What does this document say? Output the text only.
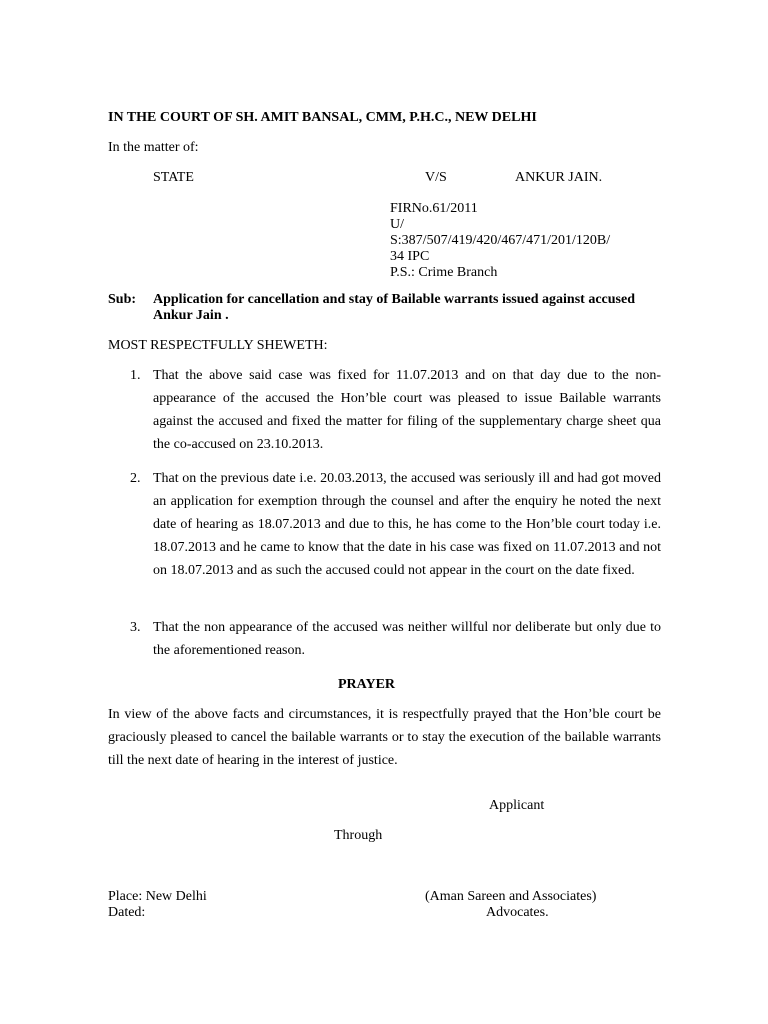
IN THE COURT OF SH. AMIT BANSAL, CMM, P.H.C., NEW DELHI
In the matter of:
STATE	V/S	ANKUR JAIN.
FIRNo.61/2011
U/
S:387/507/419/420/467/471/201/120B/
34 IPC
P.S.: Crime Branch
Sub: Application for cancellation and stay of Bailable warrants issued against accused Ankur Jain .
MOST RESPECTFULLY SHEWETH:
1. That the above said case was fixed for 11.07.2013 and on that day due to the non-appearance of the accused the Hon’ble court was pleased to issue Bailable warrants against the accused and fixed the matter for filing of the supplementary charge sheet qua the co-accused on 23.10.2013.
2. That on the previous date i.e. 20.03.2013, the accused was seriously ill and had got moved an application for exemption through the counsel and after the enquiry he noted the next date of hearing as 18.07.2013 and due to this, he has come to the Hon’ble court today i.e. 18.07.2013 and he came to know that the date in his case was fixed on 11.07.2013 and not on 18.07.2013 and as such the accused could not appear in the court on the date fixed.
3. That the non appearance of the accused was neither willful nor deliberate but only due to the aforementioned reason.
PRAYER
In view of the above facts and circumstances, it is respectfully prayed that the Hon’ble court be graciously pleased to cancel the bailable warrants or to stay the execution of the bailable warrants till the next date of hearing in the interest of justice.
Applicant
Through
Place: New Delhi
Dated:
(Aman Sareen and Associates)
Advocates.
